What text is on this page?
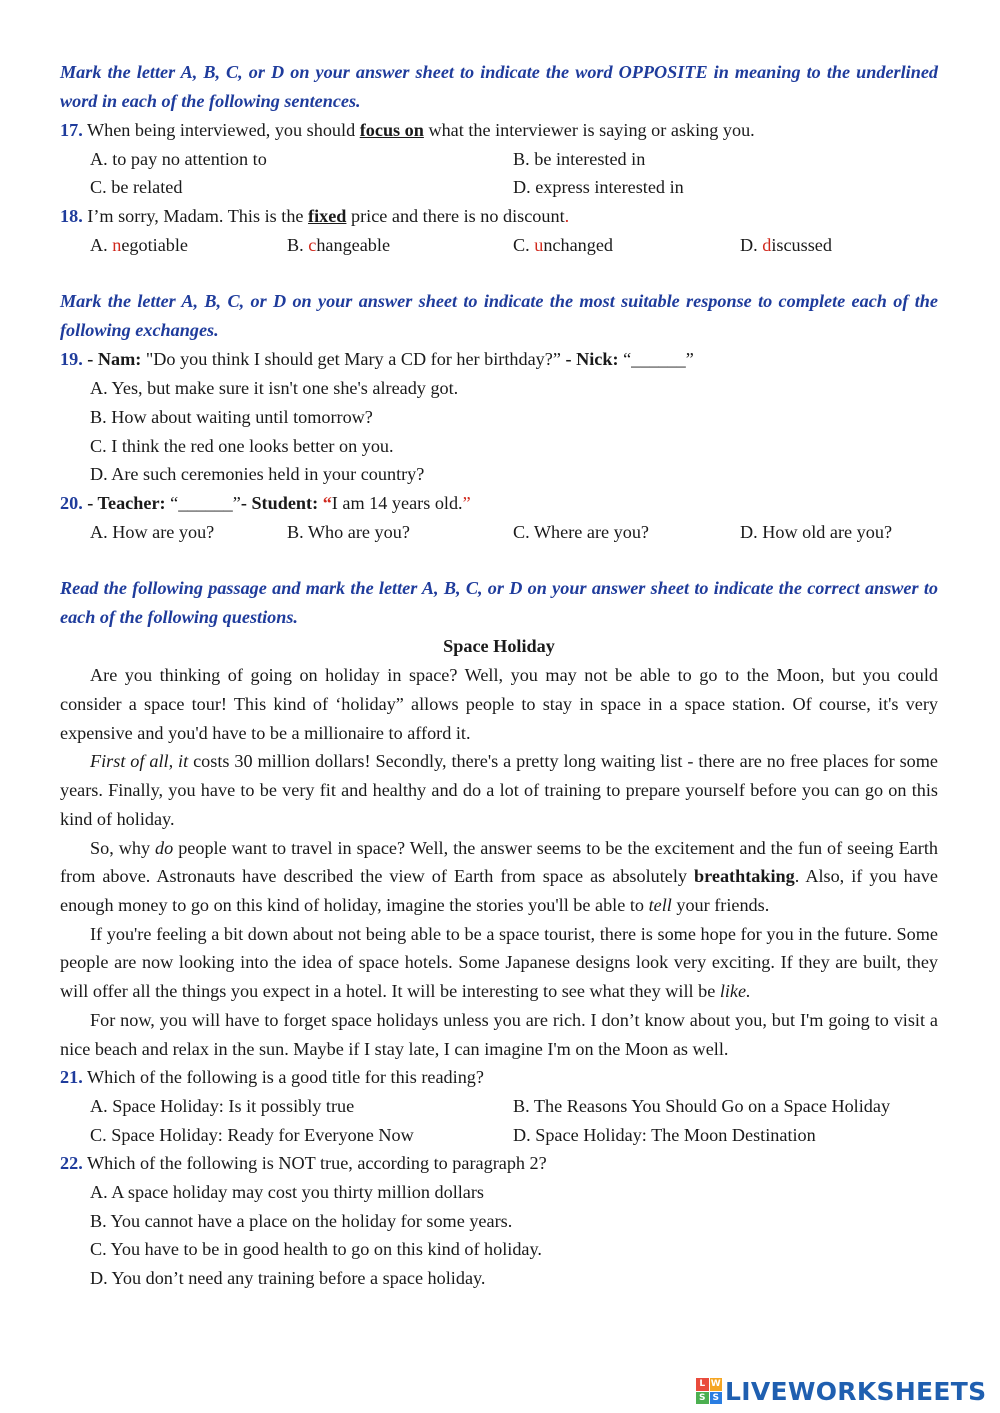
Mark the letter A, B, C, or D on your answer sheet to indicate the word OPPOSITE in meaning to the underlined word in each of the following sentences.
17. When being interviewed, you should focus on what the interviewer is saying or asking you.
A. to pay no attention to	B. be interested in
C. be related	D. express interested in
18. I’m sorry, Madam. This is the fixed price and there is no discount.
A. negotiable	B. changeable	C. unchanged	D. discussed
Mark the letter A, B, C, or D on your answer sheet to indicate the most suitable response to complete each of the following exchanges.
19. - Nam: "Do you think I should get Mary a CD for her birthday?” - Nick: “______”
A. Yes, but make sure it isn't one she's already got.
B. How about waiting until tomorrow?
C. I think the red one looks better on you.
D. Are such ceremonies held in your country?
20. - Teacher: “______”- Student: “I am 14 years old.”
A. How are you?	B. Who are you?	C. Where are you?	D. How old are you?
Read the following passage and mark the letter A, B, C, or D on your answer sheet to indicate the correct answer to each of the following questions.
Space Holiday
Are you thinking of going on holiday in space? Well, you may not be able to go to the Moon, but you could consider a space tour! This kind of ‘holiday” allows people to stay in space in a space station. Of course, it's very expensive and you'd have to be a millionaire to afford it.
First of all, it costs 30 million dollars! Secondly, there's a pretty long waiting list - there are no free places for some years. Finally, you have to be very fit and healthy and do a lot of training to prepare yourself before you can go on this kind of holiday.
So, why do people want to travel in space? Well, the answer seems to be the excitement and the fun of seeing Earth from above. Astronauts have described the view of Earth from space as absolutely breathtaking. Also, if you have enough money to go on this kind of holiday, imagine the stories you'll be able to tell your friends.
If you're feeling a bit down about not being able to be a space tourist, there is some hope for you in the future. Some people are now looking into the idea of space hotels. Some Japanese designs look very exciting. If they are built, they will offer all the things you expect in a hotel. It will be interesting to see what they will be like.
For now, you will have to forget space holidays unless you are rich. I don’t know about you, but I'm going to visit a nice beach and relax in the sun. Maybe if I stay late, I can imagine I'm on the Moon as well.
21. Which of the following is a good title for this reading?
A. Space Holiday: Is it possibly true	B. The Reasons You Should Go on a Space Holiday
C. Space Holiday: Ready for Everyone Now	D. Space Holiday: The Moon Destination
22. Which of the following is NOT true, according to paragraph 2?
A. A space holiday may cost you thirty million dollars
B. You cannot have a place on the holiday for some years.
C. You have to be in good health to go on this kind of holiday.
D. You don’t need any training before a space holiday.
L W
S S LIVEWORKSHEETS
